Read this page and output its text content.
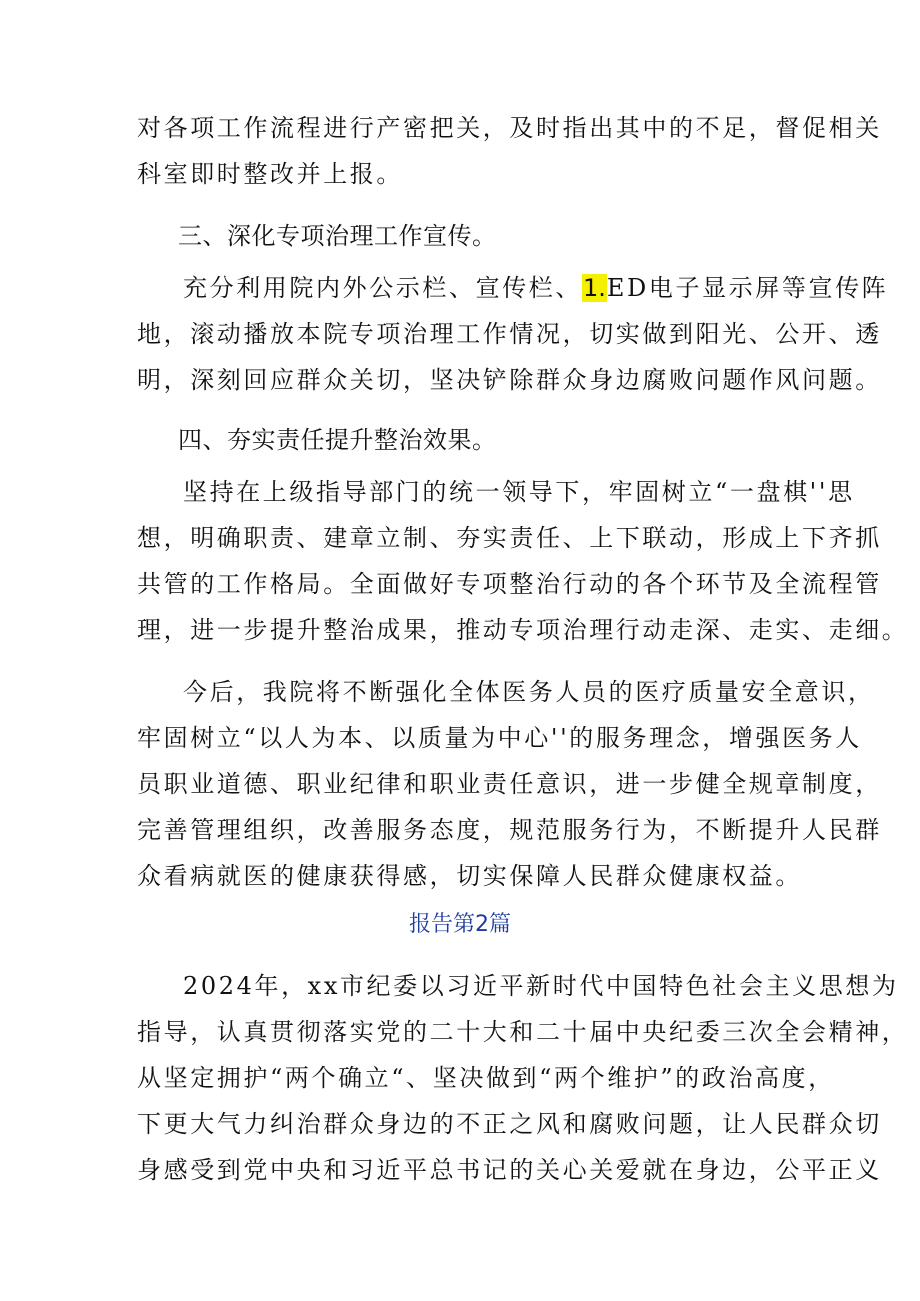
对各项工作流程进行产密把关，及时指出其中的不足，督促相关
科室即时整改并上报。
三、深化专项治理工作宣传。
充分利用院内外公示栏、宣传栏、1.ED电子显示屏等宣传阵
地，滚动播放本院专项治理工作情况，切实做到阳光、公开、透
明，深刻回应群众关切，坚决铲除群众身边腐败问题作风问题。
四、夯实责任提升整治效果。
坚持在上级指导部门的统一领导下，牢固树立“一盘棋''思
想，明确职责、建章立制、夯实责任、上下联动，形成上下齐抓
共管的工作格局。全面做好专项整治行动的各个环节及全流程管
理，进一步提升整治成果，推动专项治理行动走深、走实、走细。
今后，我院将不断强化全体医务人员的医疗质量安全意识，
牢固树立“以人为本、以质量为中心''的服务理念，增强医务人
员职业道德、职业纪律和职业责任意识，进一步健全规章制度，
完善管理组织，改善服务态度，规范服务行为，不断提升人民群
众看病就医的健康获得感，切实保障人民群众健康权益。
报告第2篇
2024年，xx市纪委以习近平新时代中国特色社会主义思想为
指导，认真贯彻落实党的二十大和二十届中央纪委三次全会精神，
从坚定拥护“两个确立“、坚决做到“两个维护”的政治高度，
下更大气力纠治群众身边的不正之风和腐败问题，让人民群众切
身感受到党中央和习近平总书记的关心关爱就在身边，公平正义
